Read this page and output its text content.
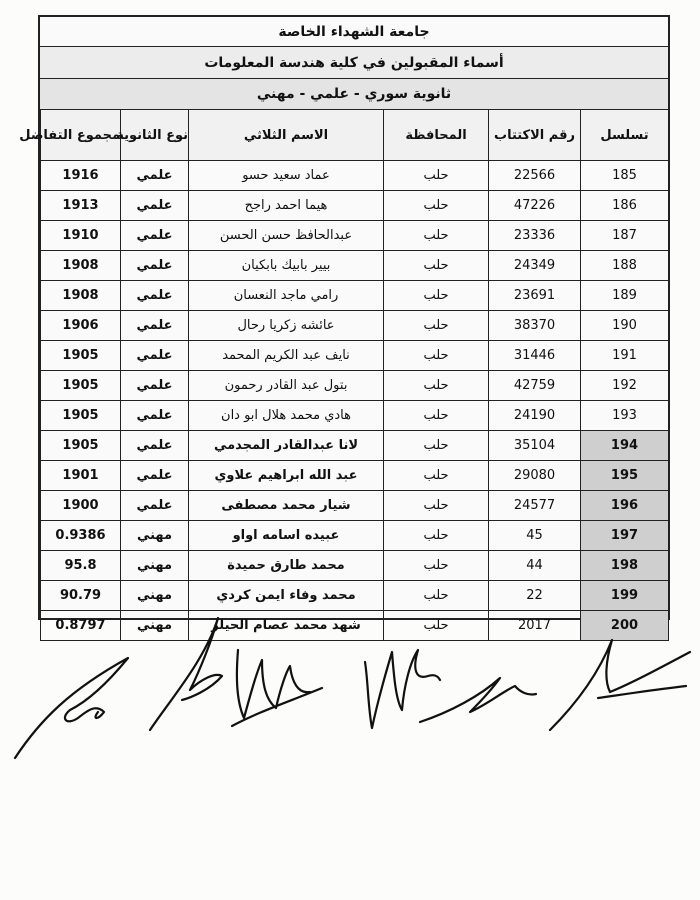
جامعة الشهداء الخاصة
أسماء المقبولين في كلية هندسة المعلومات
ثانوية سوري - علمي - مهني
تسلسل	رقم الاكتتاب	المحافظة	الاسم الثلاثي	نوع الثانوية	مجموع التفاضل
185	22566	حلب	عماد سعيد حسو	علمي	1916
186	47226	حلب	هيما احمد راجح	علمي	1913
187	23336	حلب	عبدالحافظ حسن الحسن	علمي	1910
188	24349	حلب	بيير بابيك بابكيان	علمي	1908
189	23691	حلب	رامي ماجد النعسان	علمي	1908
190	38370	حلب	عائشه زكريا رحال	علمي	1906
191	31446	حلب	نايف عبد الكريم المحمد	علمي	1905
192	42759	حلب	بتول عبد القادر رحمون	علمي	1905
193	24190	حلب	هادي محمد هلال ابو دان	علمي	1905
194	35104	حلب	لانا عبدالقادر المجدمي	علمي	1905
195	29080	حلب	عبد الله ابراهيم علاوي	علمي	1901
196	24577	حلب	شيار محمد مصطفى	علمي	1900
197	45	حلب	عبيده اسامه اواو	مهني	0.9386
198	44	حلب	محمد طارق حميدة	مهني	95.8
199	22	حلب	محمد وفاء ايمن كردي	مهني	90.79
200	2017	حلب	شهد محمد عصام الحيلر	مهني	0.8797
